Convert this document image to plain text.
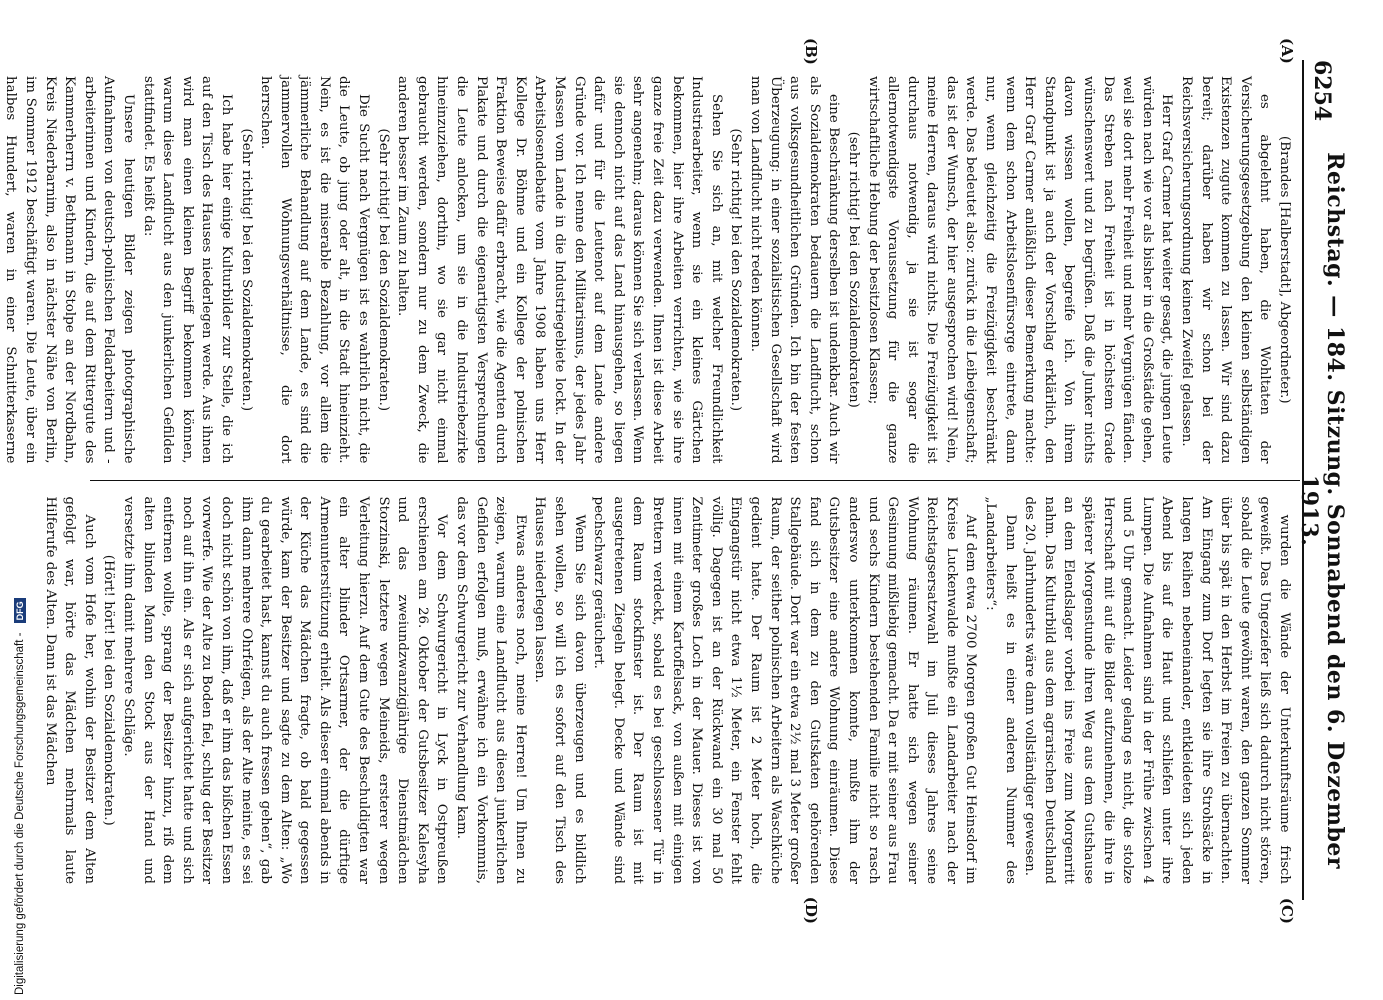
6254
Reichstag. — 184. Sitzung. Sonnabend den 6. Dezember 1913.
(A)
(B)
(C)
(D)

(Brandes [Halberstadt], Abgeordneter.)

es abgelehnt haben, die Wohltaten der Versicherungsgesetzgebung den kleinen selbständigen Existenzen zugute kommen zu lassen. Wir sind dazu bereit; darüber haben wir schon bei der Reichsversicherungsordnung keinen Zweifel gelassen.

Herr Graf Carmer hat weiter gesagt, die jungen Leute würden nach wie vor als bisher in die Großstädte gehen, weil sie dort mehr Freiheit und mehr Vergnügen fänden. Das Streben nach Freiheit ist in höchstem Grade wünschenswert und zu begrüßen. Daß die Junker nichts davon wissen wollen, begreife ich. Von ihrem Standpunkt ist ja auch der Vorschlag erklärlich, den Herr Graf Carmer anläßlich dieser Bemerkung machte: wenn dem schon Arbeitslosenfürsorge eintrete, dann nur, wenn gleichzeitig die Freizügigkeit beschränkt werde. Das bedeutet also: zurück in die Leibeigenschaft; das ist der Wunsch, der hier ausgesprochen wird! Nein, meine Herren, daraus wird nichts. Die Freizügigkeit ist durchaus notwendig, ja sie ist sogar die allernotwendigste Voraussetzung für die ganze wirtschaftliche Hebung der besitzlosen Klassen;

(sehr richtig! bei den Sozialdemokraten)

eine Beschränkung derselben ist undenkbar. Auch wir als Sozialdemokraten bedauern die Landflucht, schon aus volksgesundheitlichen Gründen. Ich bin der festen Überzeugung: in einer sozialistischen Gesellschaft wird man von Landflucht nicht reden können.

(Sehr richtig! bei den Sozialdemokraten.)

Sehen Sie sich an, mit welcher Freundlichkeit Industriearbeiter, wenn sie ein kleines Gärtchen bekommen, hier ihre Arbeiten verrichten, wie sie ihre ganze freie Zeit dazu verwenden. Ihnen ist diese Arbeit sehr angenehm; daraus können Sie sich verlassen. Wenn sie dennoch nicht auf das Land hinausgehen, so liegen dafür und für die Leutenot auf dem Lande andere Gründe vor. Ich nenne den Militarismus, der jedes Jahr Massen vom Lande in die Industriegebiete lockt. In der Arbeitslosendebatte vom Jahre 1908 haben uns Herr Kollege Dr. Böhme und ein Kollege der polnischen Fraktion Beweise dafür erbracht, wie die Agenten durch Plakate und durch die eigenartigsten Versprechungen die Leute anlocken, um sie in die Industriebezirke hineinzuziehen, dorthin, wo sie gar nicht einmal gebraucht werden, sondern nur zu dem Zweck, die anderen besser im Zaum zu halten.

(Sehr richtig! bei den Sozialdemokraten.)

Die Sucht nach Vergnügen ist es wahrlich nicht, die die Leute, ob jung oder alt, in die Stadt hineinzieht. Nein, es ist die miserable Bezahlung, vor allem die jämmerliche Behandlung auf dem Lande, es sind die jammervollen Wohnungsverhältnisse, die dort herrschen.

(Sehr richtig! bei den Sozialdemokraten.)

Ich habe hier einige Kulturbilder zur Stelle, die ich auf den Tisch des Hauses niederlegen werde. Aus ihnen wird man einen kleinen Begriff bekommen können, warum diese Landflucht aus den junkerlichen Gefilden stattfindet. Es heißt da:

Unsere heutigen Bilder zeigen photographische Aufnahmen von deutsch-polnischen Feldarbeitern und -arbeiterinnen und Kindern, die auf dem Rittergute des Kammerherrn v. Bethmann in Stolpe an der Nordbahn, Kreis Niederbarnim, also in nächster Nähe von Berlin, im Sommer 1912 beschäftigt waren. Die Leute, über ein halbes Hundert, waren in einer Schnitterkaserne

wurden die Wände der Unterkunftsräume frisch geweißt. Das Ungeziefer ließ sich dadurch nicht stören, sobald die Leute gewöhnt waren, den ganzen Sommer über bis spät in den Herbst im Freien zu übernachten. Am Eingang zum Dorf legten sie ihre Strohsäcke in langen Reihen nebeneinander, entkleideten sich jeden Abend bis auf die Haut und schliefen unter ihre Lumpen. Die Aufnahmen sind in der Frühe zwischen 4 und 5 Uhr gemacht. Leider gelang es nicht, die stolze Herrschaft mit auf die Bilder aufzunehmen, die ihre in späterer Morgenstunde ihren Weg aus dem Gutshause an dem Elendslager vorbei ins Freie zum Morgenritt nahm. Das Kulturbild aus dem agrarischen Deutschland des 20. Jahrhunderts wäre dann vollständiger gewesen.

Dann heißt es in einer anderen Nummer des „Landarbeiters“:

Auf dem etwa 2700 Morgen großen Gut Heinsdorf im Kreise Luckenwalde mußte ein Landarbeiter nach der Reichstagsersatzwahl im Juli dieses Jahres seine Wohnung räumen. Er hatte sich wegen seiner Gesinnung mißliebig gemacht. Da er mit seiner aus Frau und sechs Kindern bestehenden Familie nicht so rasch anderswo unterkommen konnte, mußte ihm der Gutsbesitzer eine andere Wohnung einräumen. Diese fand sich in dem zu den Gutskaten gehörenden Stallgebäude. Dort war ein etwa 2½ mal 3 Meter großer Raum, der seither polnischen Arbeitern als Waschküche gedient hatte. Der Raum ist 2 Meter hoch, die Eingangstür nicht etwa 1½ Meter, ein Fenster fehlt völlig. Dagegen ist an der Rückwand ein 30 mal 50 Zentimeter großes Loch in der Mauer. Dieses ist von innen mit einem Kartoffelsack, von außen mit einigen Brettern verdeckt, sobald es bei geschlossener Tür in dem Raum stockfinster ist. Der Raum ist mit ausgetretenen Ziegeln belegt. Decke und Wände sind pechschwarz geräuchert.

Wenn Sie sich davon überzeugen und es bildlich sehen wollen, so will ich es sofort auf den Tisch des Hauses niederlegen lassen.

Etwas anderes noch, meine Herren! Um Ihnen zu zeigen, warum eine Landflucht aus diesen junkerlichen Gefilden erfolgen muß, erwähne ich ein Vorkommnis, das vor dem Schwurgericht zur Verhandlung kam.

Vor dem Schwurgericht in Lyck in Ostpreußen erschienen am 26. Oktober der Gutsbesitzer Kalesyha und das zweiundzwanzigjährige Dienstmädchen Storzinski, letztere wegen Meineids, ersterer wegen Verleitung hierzu. Auf dem Gute des Beschuldigten war ein alter blinder Ortsarmer, der die dürftige Armenunterstützung erhielt. Als dieser einmal abends in der Küche das Mädchen fragte, ob bald gegessen würde, kam der Besitzer und sagte zu dem Alten: „Wo du gearbeitet hast, kannst du auch fressen gehen“, gab ihm dann mehrere Ohrfeigen, als der Alte meinte, es sei doch nicht schön von ihm, daß er ihm das bißchen Essen vorwerfe. Wie der Alte zu Boden fiel, schlug der Besitzer noch auf ihn ein. Als er sich aufgerichtet hatte und sich entfernen wollte, sprang der Besitzer hinzu, riß dem alten blinden Mann den Stock aus der Hand und versetzte ihm damit mehrere Schläge.

(Hört! hört! bei den Sozialdemokraten.)

Auch vom Hofe her, wohin der Besitzer dem Alten gefolgt war, hörte das Mädchen mehrmals laute Hilferufe des Alten. Dann ist das Mädchen

Digitalisierung gefördert durch die Deutsche Forschungsgemeinschaft - DFG
